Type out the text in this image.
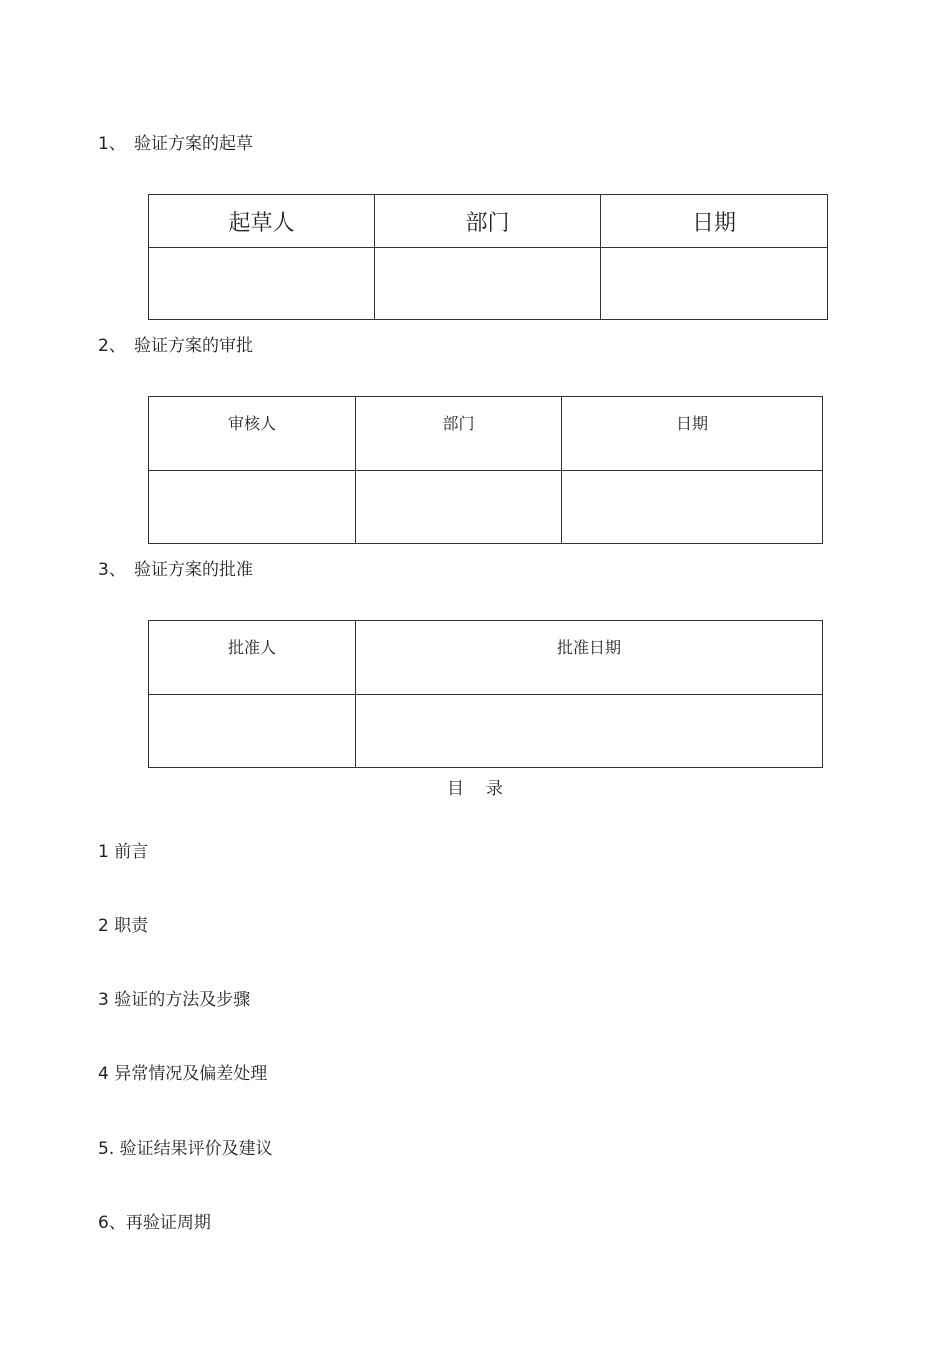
1、 验证方案的起草
起草人	部门	日期

2、 验证方案的审批
审核人	部门	日期

3、 验证方案的批准
批准人	批准日期

目录
1 前言
2 职责
3 验证的方法及步骤
4 异常情况及偏差处理
5. 验证结果评价及建议
6、再验证周期
